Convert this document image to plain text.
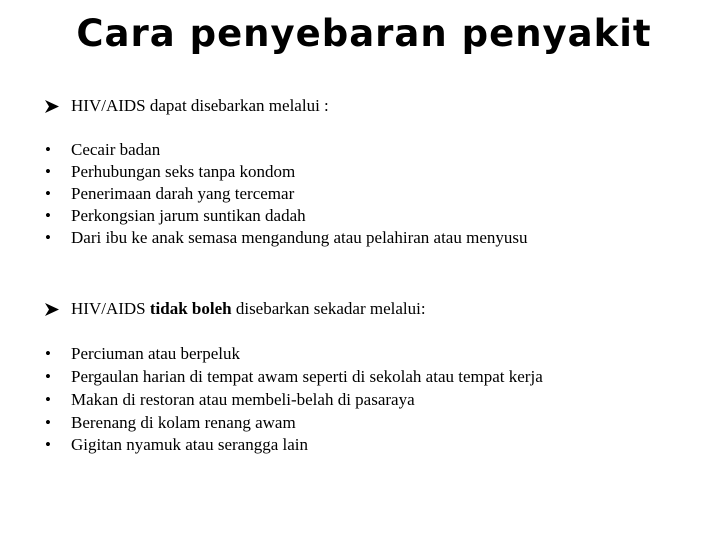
Cara penyebaran penyakit
HIV/AIDS dapat disebarkan melalui :
•	Cecair badan
•	Perhubungan seks tanpa kondom
•	Penerimaan darah yang tercemar
•	Perkongsian jarum suntikan dadah
•	Dari ibu ke anak semasa mengandung atau pelahiran atau menyusu
HIV/AIDS tidak boleh disebarkan sekadar melalui:
•	Perciuman atau berpeluk
•	Pergaulan harian di tempat awam seperti di sekolah atau tempat kerja
•	Makan di restoran atau membeli-belah di pasaraya
•	Berenang di kolam renang awam
•	Gigitan nyamuk atau serangga lain
